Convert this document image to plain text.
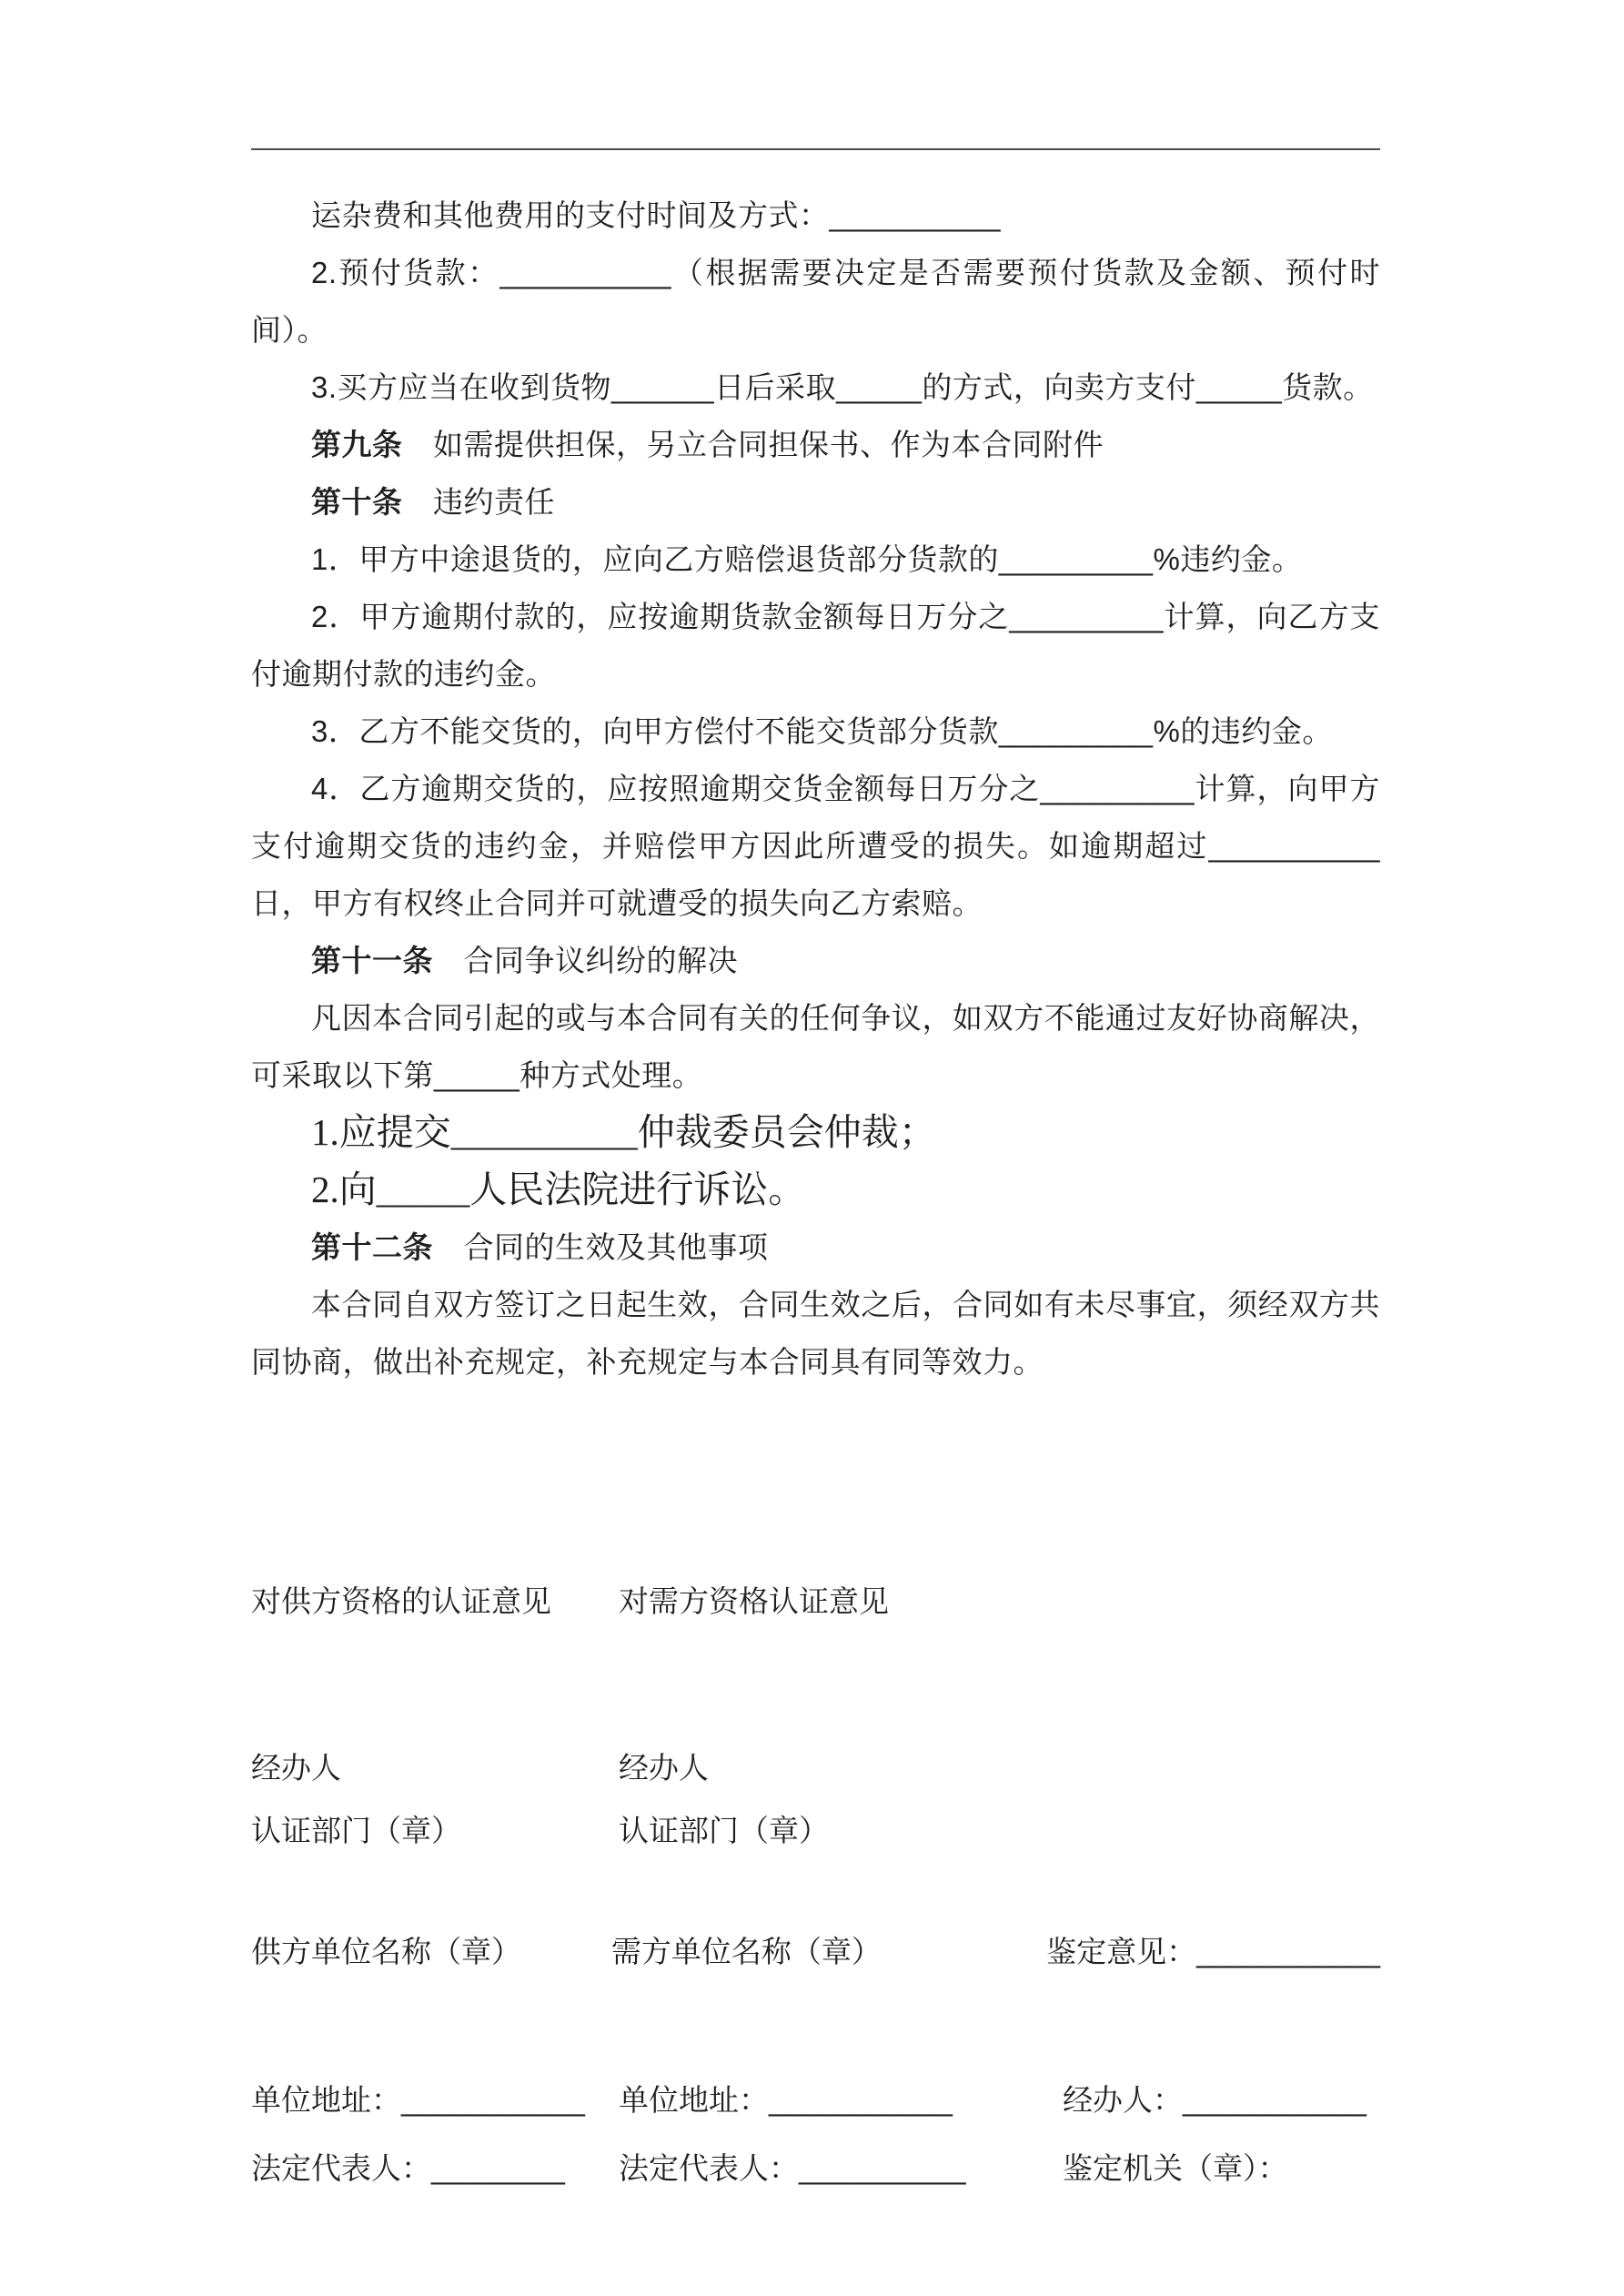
运杂费和其他费用的支付时间及方式：__________

2.预付货款：__________（根据需要决定是否需要预付货款及金额、预付时间）。

3.买方应当在收到货物______日后采取_____的方式，向卖方支付_____货款。

第九条　如需提供担保，另立合同担保书、作为本合同附件

第十条　违约责任

1．甲方中途退货的，应向乙方赔偿退货部分货款的_________%违约金。

2．甲方逾期付款的，应按逾期货款金额每日万分之_________计算，向乙方支付逾期付款的违约金。

3．乙方不能交货的，向甲方偿付不能交货部分货款_________%的违约金。

4．乙方逾期交货的，应按照逾期交货金额每日万分之_________计算，向甲方支付逾期交货的违约金，并赔偿甲方因此所遭受的损失。如逾期超过__________日，甲方有权终止合同并可就遭受的损失向乙方索赔。

第十一条　合同争议纠纷的解决

凡因本合同引起的或与本合同有关的任何争议，如双方不能通过友好协商解决，可采取以下第_____种方式处理。

1.应提交__________仲裁委员会仲裁；

2.向_____人民法院进行诉讼。

第十二条　合同的生效及其他事项

本合同自双方签订之日起生效，合同生效之后，合同如有未尽事宜，须经双方共同协商，做出补充规定，补充规定与本合同具有同等效力。

对供方资格的认证意见	对需方资格认证意见
经办人	经办人
认证部门（章）	认证部门（章）
供方单位名称（章）	需方单位名称（章）	鉴定意见：___________
单位地址：___________	单位地址：___________	经办人：___________
法定代表人：________	法定代表人：__________	鉴定机关（章）：
